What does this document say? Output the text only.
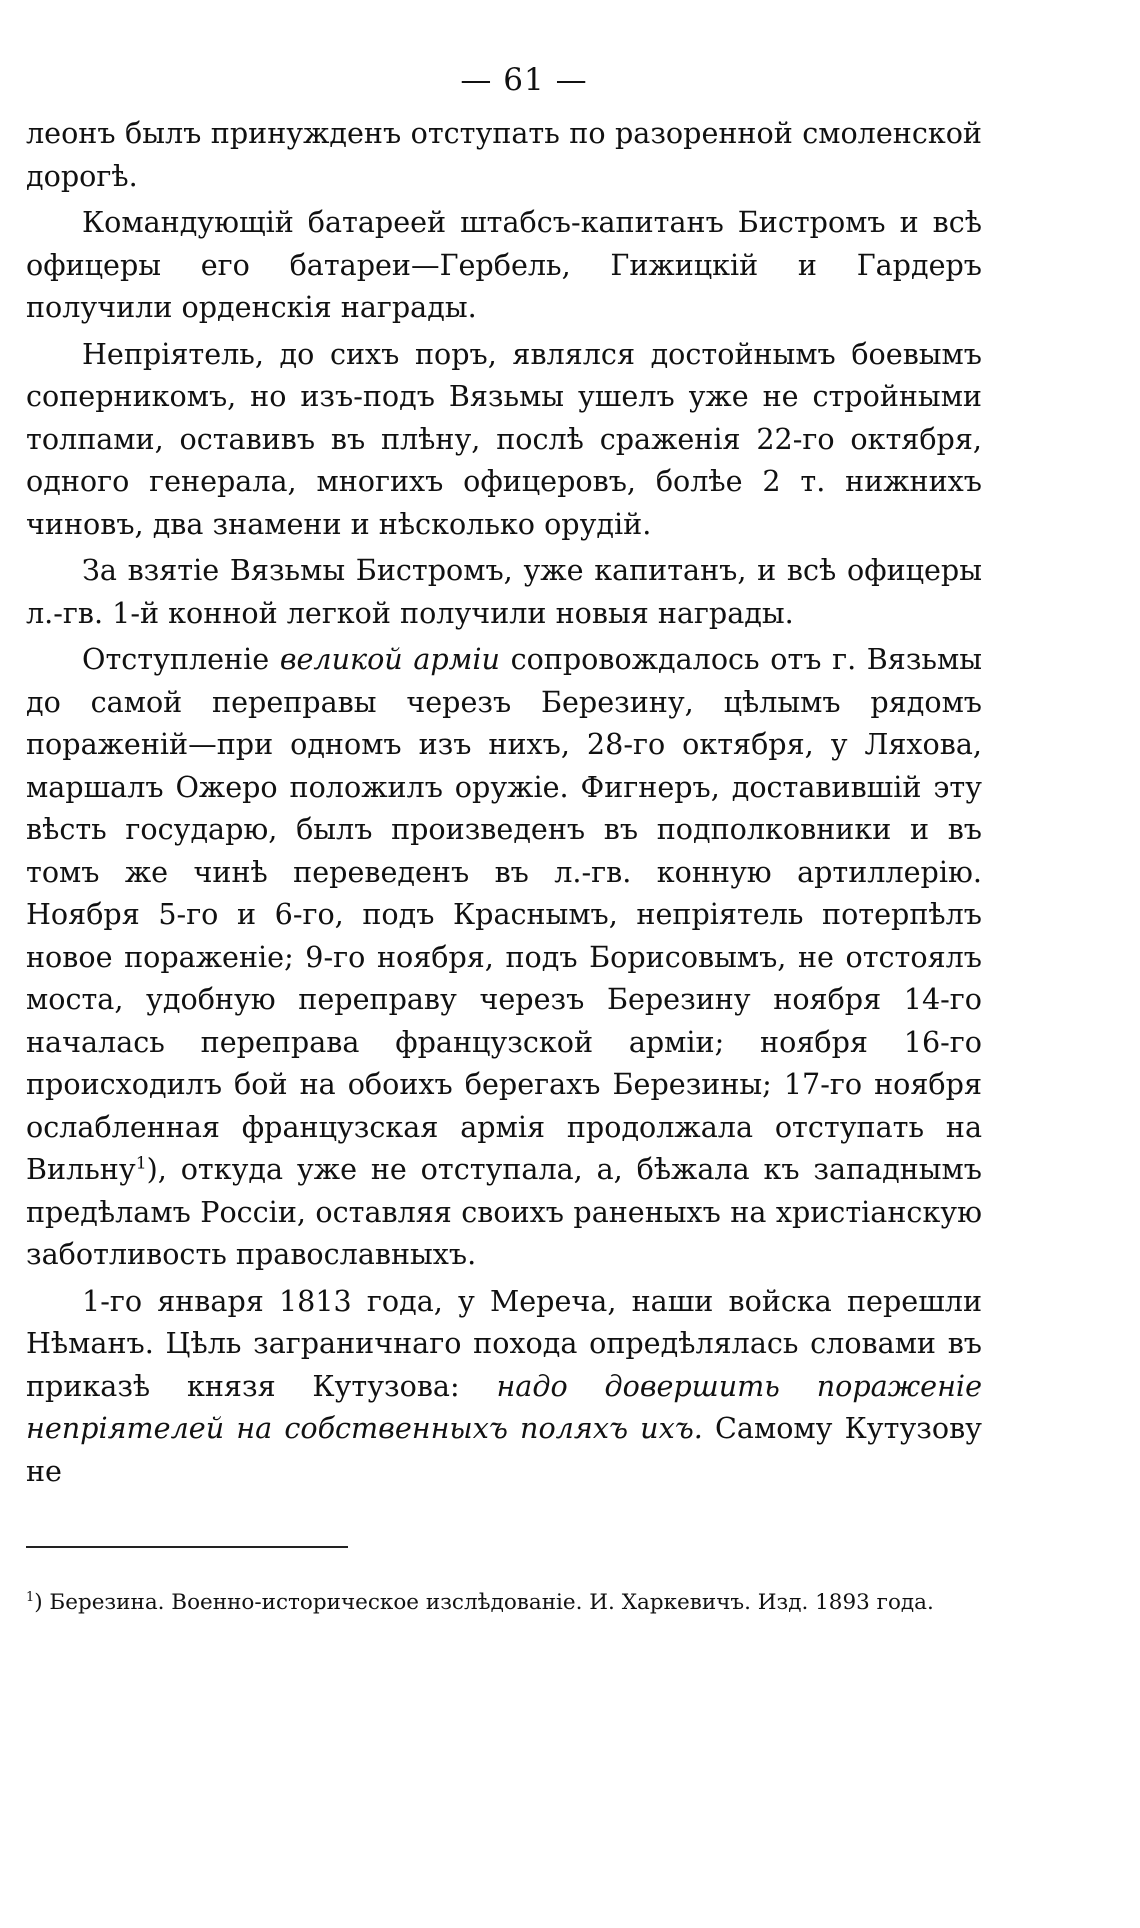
— 61 —

леонъ былъ принужденъ отступать по разоренной смоленской дорогѣ.

Командующій батареей штабсъ-капитанъ Бистромъ и всѣ офицеры его батареи—Гербель, Гижицкій и Гардеръ получили орденскія награды.

Непріятель, до сихъ поръ, являлся достойнымъ боевымъ соперникомъ, но изъ-подъ Вязьмы ушелъ уже не стройными толпами, оставивъ въ плѣну, послѣ сраженія 22-го октября, одного генерала, многихъ офицеровъ, болѣе 2 т. нижнихъ чиновъ, два знамени и нѣсколько орудій.

За взятіе Вязьмы Бистромъ, уже капитанъ, и всѣ офицеры л.-гв. 1-й конной легкой получили новыя награды.

Отступленіе великой арміи сопровождалось отъ г. Вязьмы до самой переправы черезъ Березину, цѣлымъ рядомъ пораженій—при одномъ изъ нихъ, 28-го октября, у Ляхова, маршалъ Ожеро положилъ оружіе. Фигнеръ, доставившій эту вѣсть государю, былъ произведенъ въ подполковники и въ томъ же чинѣ переведенъ въ л.-гв. конную артиллерію. Ноября 5-го и 6-го, подъ Краснымъ, непріятель потерпѣлъ новое пораженіе; 9-го ноября, подъ Борисовымъ, не отстоялъ моста, удобную переправу черезъ Березину ноября 14-го началась переправа французской арміи; ноября 16-го происходилъ бой на обоихъ берегахъ Березины; 17-го ноября ослабленная французская армія продолжала отступать на Вильну$^1$), откуда уже не отступала, а, бѣжала къ западнымъ предѣламъ Россіи, оставляя своихъ раненыхъ на христіанскую заботливость православныхъ.

1-го января 1813 года, у Мереча, наши войска перешли Нѣманъ. Цѣль заграничнаго похода опредѣлялась словами въ приказѣ князя Кутузова: надо довершить пораженіе непріятелей на собственныхъ поляхъ ихъ. Самому Кутузову не

$^1$) Березина. Военно-историческое изслѣдованіе. И. Харкевичъ. Изд. 1893 года.
